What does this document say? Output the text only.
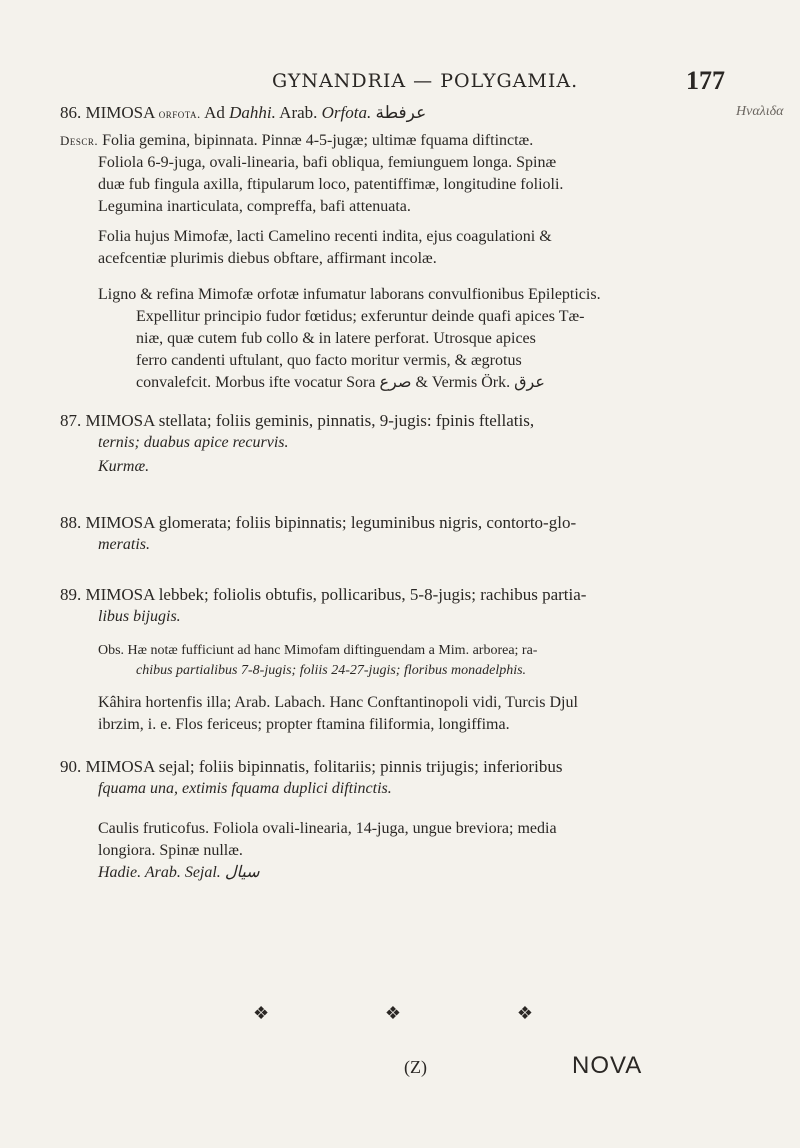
GYNANDRIA — POLYGAMIA.	177
Ηναλιδα
86. MIMOSA orfota. Ad Dahhi. Arab. Orfota. عرفطة
Descr. Folia gemina, bipinnata. Pinnæ 4-5-jugæ; ultimæ fquama diftinctæ.
Foliola 6-9-juga, ovali-linearia, bafi obliqua, femiunguem longa. Spinæ
duæ fub fingula axilla, ftipularum loco, patentiffimæ, longitudine folioli.
Legumina inarticulata, compreffa, bafi attenuata.
Folia hujus Mimofæ, lacti Camelino recenti indita, ejus coagulationi &
acefcentiæ plurimis diebus obftare, affirmant incolæ.
Ligno & refina Mimofæ orfotæ infumatur laborans convulfionibus Epilepticis.
Expellitur principio fudor fœtidus; exferuntur deinde quafi apices Tæ-
niæ, quæ cutem fub collo & in latere perforat. Utrosque apices
ferro candenti uftulant, quo facto moritur vermis, & ægrotus
convalefcit. Morbus ifte vocatur Sora صرع & Vermis Örk. عرق
87. MIMOSA stellata; foliis geminis, pinnatis, 9-jugis: fpinis ftellatis,
ternis; duabus apice recurvis.
Kurmæ.
88. MIMOSA glomerata; foliis bipinnatis; leguminibus nigris, contorto-glo-
meratis.
89. MIMOSA lebbek; foliolis obtufis, pollicaribus, 5-8-jugis; rachibus partia-
libus bijugis.
Obs. Hæ notæ fufficiunt ad hanc Mimofam diftinguendam a Mim. arborea; ra-
chibus partialibus 7-8-jugis; foliis 24-27-jugis; floribus monadelphis.
Kâhira hortenfis illa; Arab. Labach. Hanc Conftantinopoli vidi, Turcis Djul
ibrzim, i. e. Flos fericeus; propter ftamina filiformia, longiffima.
90. MIMOSA sejal; foliis bipinnatis, folitariis; pinnis trijugis; inferioribus
fquama una, extimis fquama duplici diftinctis.
Caulis fruticofus. Foliola ovali-linearia, 14-juga, ungue breviora; media
longiora. Spinæ nullæ.
Hadie. Arab. Sejal. سيال
❖	❖	❖
(Z)	NOVA
